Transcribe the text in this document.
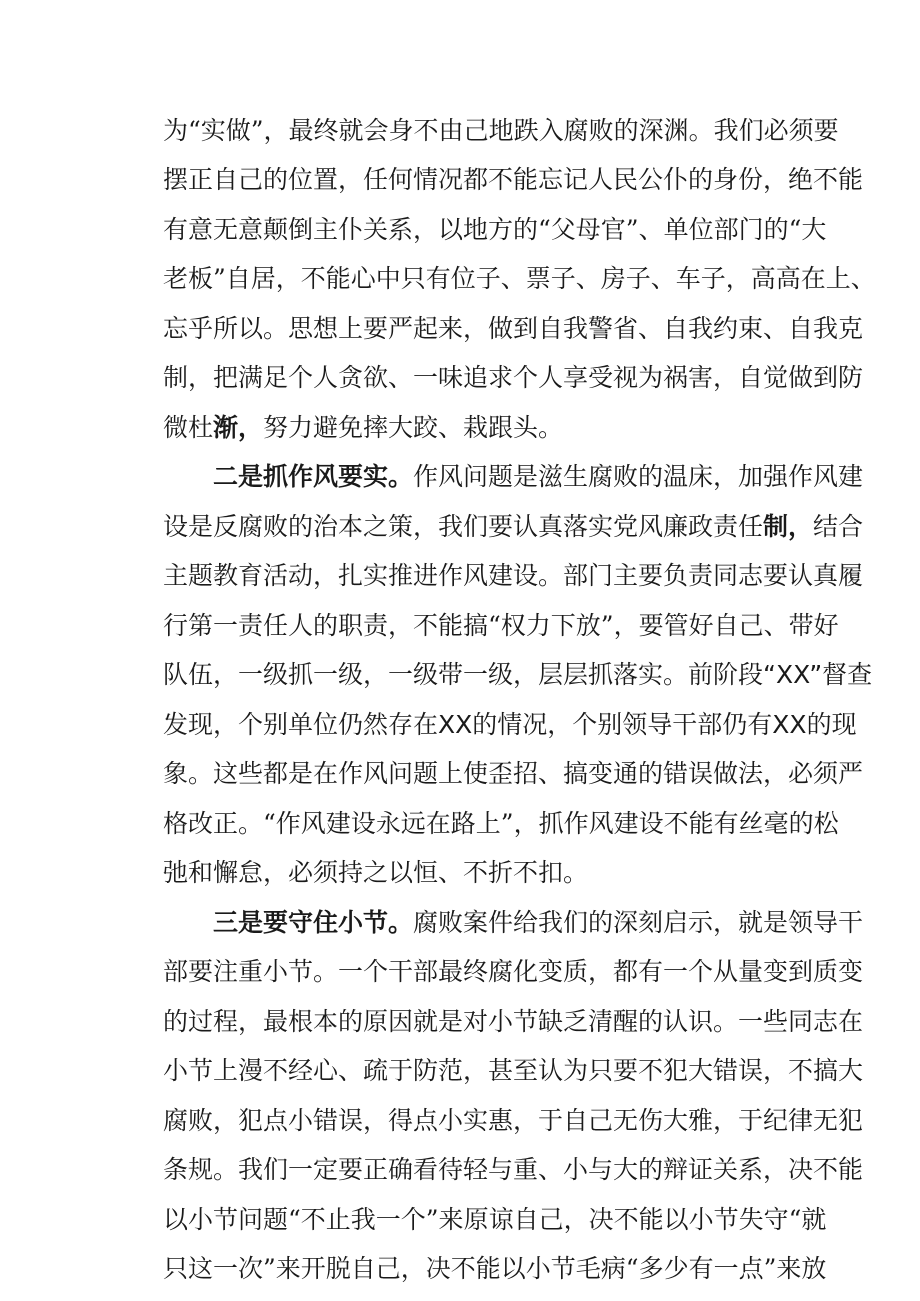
为“实做”，最终就会身不由己地跌入腐败的深渊。我们必须要
摆正自己的位置，任何情况都不能忘记人民公仆的身份，绝不能
有意无意颠倒主仆关系，以地方的“父母官”、单位部门的“大
老板”自居，不能心中只有位子、票子、房子、车子，高高在上、
忘乎所以。思想上要严起来，做到自我警省、自我约束、自我克
制，把满足个人贪欲、一味追求个人享受视为祸害，自觉做到防
微杜渐，努力避免摔大跤、栽跟头。
二是抓作风要实。作风问题是滋生腐败的温床，加强作风建
设是反腐败的治本之策，我们要认真落实党风廉政责任制，结合
主题教育活动，扎实推进作风建设。部门主要负责同志要认真履
行第一责任人的职责，不能搞“权力下放”，要管好自己、带好
队伍，一级抓一级，一级带一级，层层抓落实。前阶段“XX”督查
发现，个别单位仍然存在XX的情况，个别领导干部仍有XX的现
象。这些都是在作风问题上使歪招、搞变通的错误做法，必须严
格改正。“作风建设永远在路上”，抓作风建设不能有丝毫的松
弛和懈怠，必须持之以恒、不折不扣。
三是要守住小节。腐败案件给我们的深刻启示，就是领导干
部要注重小节。一个干部最终腐化变质，都有一个从量变到质变
的过程，最根本的原因就是对小节缺乏清醒的认识。一些同志在
小节上漫不经心、疏于防范，甚至认为只要不犯大错误，不搞大
腐败，犯点小错误，得点小实惠，于自己无伤大雅，于纪律无犯
条规。我们一定要正确看待轻与重、小与大的辩证关系，决不能
以小节问题“不止我一个”来原谅自己，决不能以小节失守“就
只这一次”来开脱自己，决不能以小节毛病“多少有一点”来放
